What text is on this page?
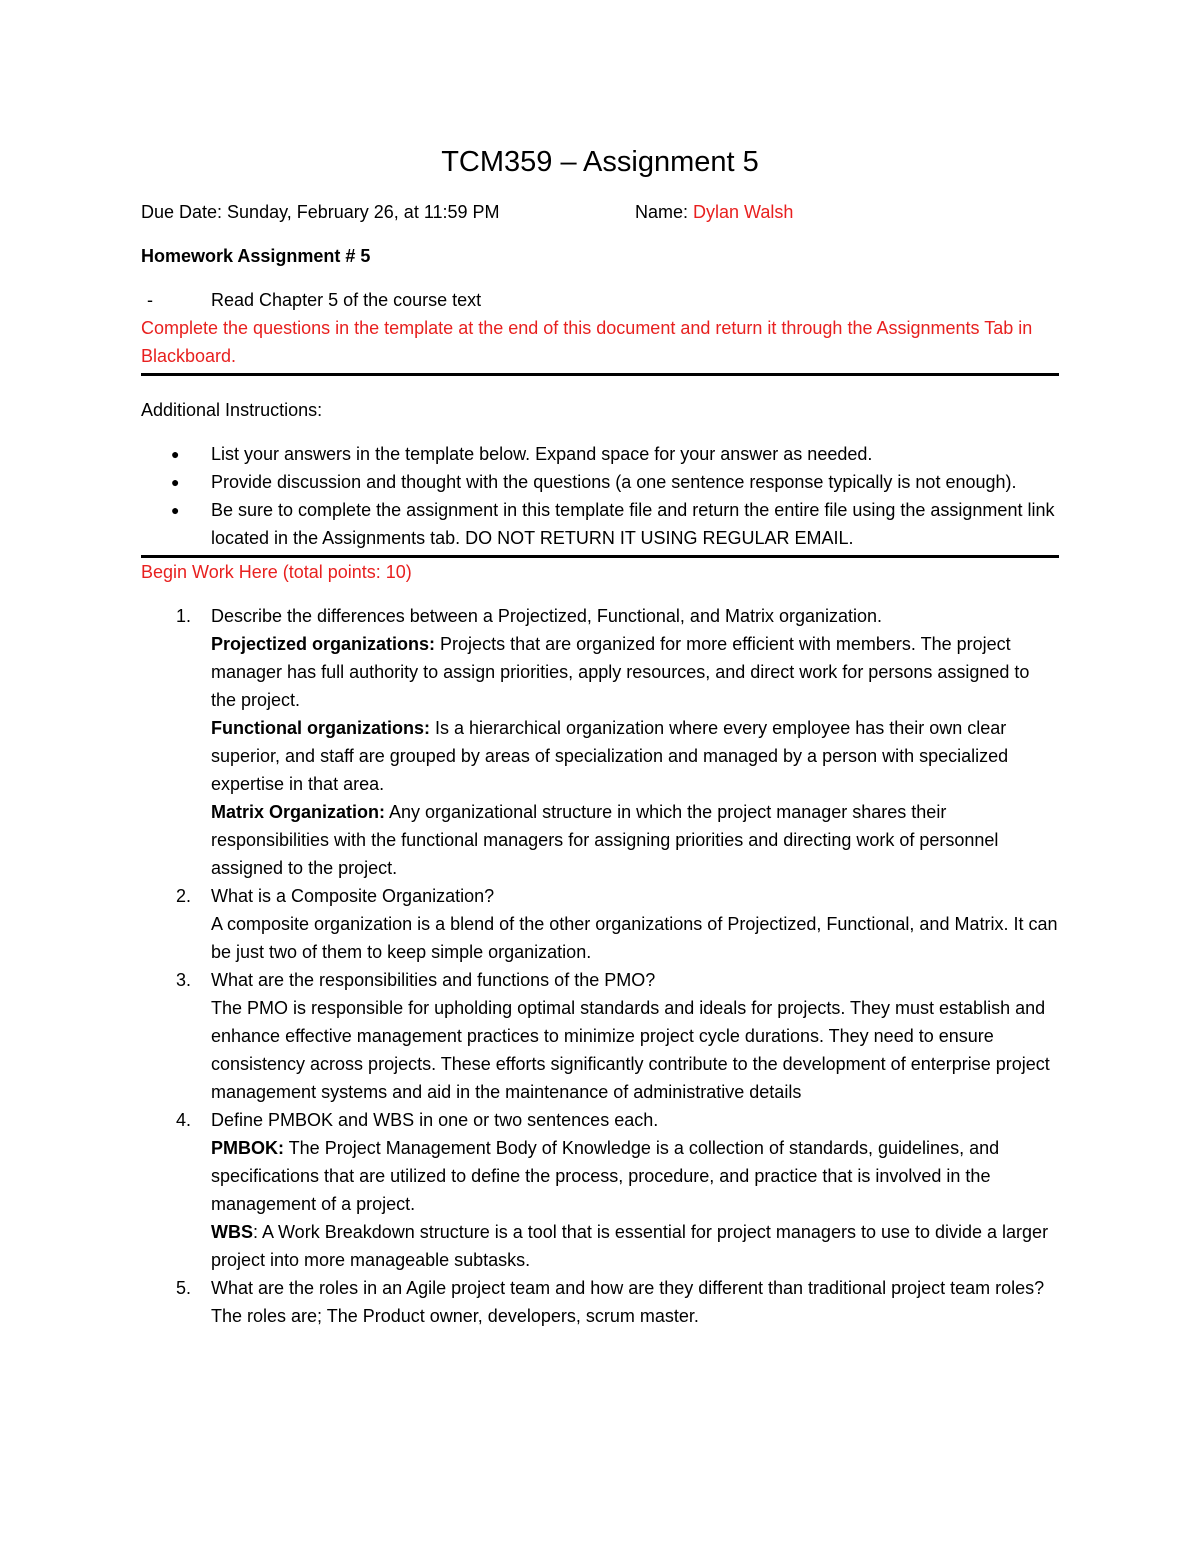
TCM359 – Assignment 5
Due Date: Sunday, February 26, at 11:59 PM	Name: Dylan Walsh
Homework Assignment # 5
-	Read Chapter 5 of the course text
Complete the questions in the template at the end of this document and return it through the Assignments Tab in Blackboard.
Additional Instructions:
●	List your answers in the template below. Expand space for your answer as needed.
●	Provide discussion and thought with the questions (a one sentence response typically is not enough).
●	Be sure to complete the assignment in this template file and return the entire file using the assignment link located in the Assignments tab. DO NOT RETURN IT USING REGULAR EMAIL.
Begin Work Here (total points: 10)
1.	Describe the differences between a Projectized, Functional, and Matrix organization.

Projectized organizations: Projects that are organized for more efficient with members. The project manager has full authority to assign priorities, apply resources, and direct work for persons assigned to the project.

Functional organizations: Is a hierarchical organization where every employee has their own clear superior, and staff are grouped by areas of specialization and managed by a person with specialized expertise in that area.

Matrix Organization: Any organizational structure in which the project manager shares their responsibilities with the functional managers for assigning priorities and directing work of personnel assigned to the project.

2.	What is a Composite Organization?

A composite organization is a blend of the other organizations of Projectized, Functional, and Matrix. It can be just two of them to keep simple organization.

3.	What are the responsibilities and functions of the PMO?

The PMO is responsible for upholding optimal standards and ideals for projects. They must establish and enhance effective management practices to minimize project cycle durations. They need to ensure consistency across projects. These efforts significantly contribute to the development of enterprise project management systems and aid in the maintenance of administrative details

4.	Define PMBOK and WBS in one or two sentences each.

PMBOK: The Project Management Body of Knowledge is a collection of standards, guidelines, and specifications that are utilized to define the process, procedure, and practice that is involved in the management of a project.

WBS: A Work Breakdown structure is a tool that is essential for project managers to use to divide a larger project into more manageable subtasks.

5.	What are the roles in an Agile project team and how are they different than traditional project team roles?

The roles are; The Product owner, developers, scrum master.
